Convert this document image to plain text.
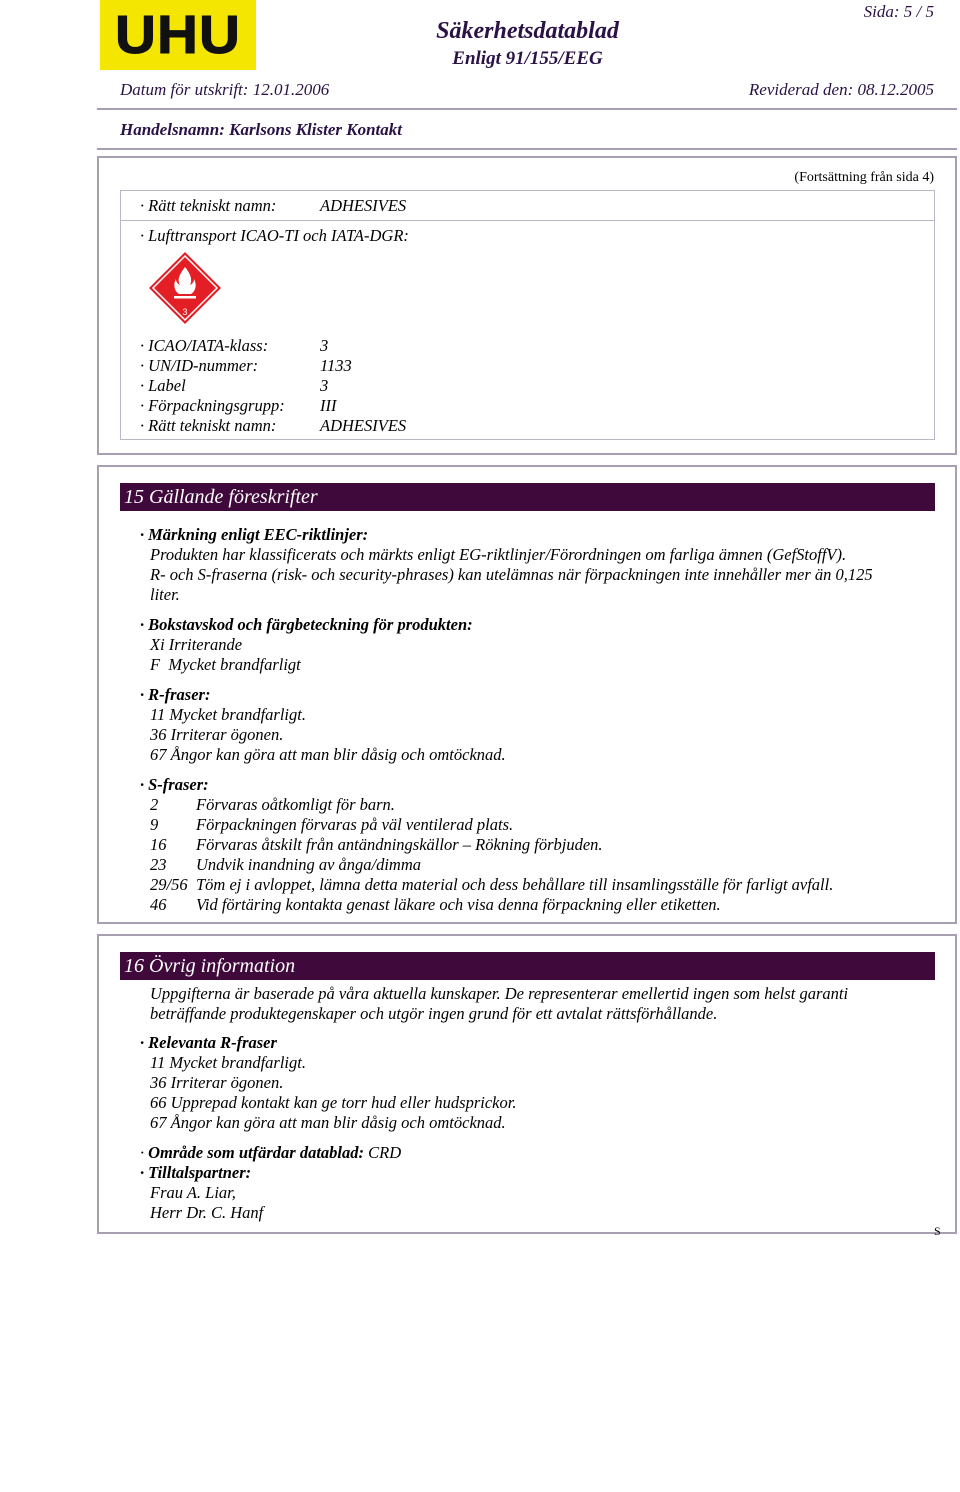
UHU	Säkerhetsdatablad
Enligt 91/155/EEG
Sida: 5 / 5
Datum för utskrift: 12.01.2006	Reviderad den: 08.12.2005
Handelsnamn: Karlsons Klister Kontakt
(Fortsättning från sida 4)
· Rätt tekniskt namn:	ADHESIVES
· Lufttransport ICAO-TI och IATA-DGR:
3
· ICAO/IATA-klass:	3
· UN/ID-nummer:	1133
· Label	3
· Förpackningsgrupp: III
· Rätt tekniskt namn:	ADHESIVES
15 Gällande föreskrifter
· Märkning enligt EEC-riktlinjer:
Produkten har klassificerats och märkts enligt EG-riktlinjer/Förordningen om farliga ämnen (GefStoffV).
R- och S-fraserna (risk- och security-phrases) kan utelämnas när förpackningen inte innehåller mer än 0,125
liter.
· Bokstavskod och färgbeteckning för produkten:
Xi Irriterande
F  Mycket brandfarligt
· R-fraser:
11 Mycket brandfarligt.
36 Irriterar ögonen.
67 Ångor kan göra att man blir dåsig och omtöcknad.
· S-fraser:
2 Förvaras oåtkomligt för barn.
9 Förpackningen förvaras på väl ventilerad plats.
16 Förvaras åtskilt från antändningskällor – Rökning förbjuden.
23 Undvik inandning av ånga/dimma
29/56 Töm ej i avloppet, lämna detta material och dess behållare till insamlingsställe för farligt avfall.
46 Vid förtäring kontakta genast läkare och visa denna förpackning eller etiketten.
16 Övrig information
Uppgifterna är baserade på våra aktuella kunskaper. De representerar emellertid ingen som helst garanti
beträffande produktegenskaper och utgör ingen grund för ett avtalat rättsförhållande.
· Relevanta R-fraser
11 Mycket brandfarligt.
36 Irriterar ögonen.
66 Upprepad kontakt kan ge torr hud eller hudsprickor.
67 Ångor kan göra att man blir dåsig och omtöcknad.
· Område som utfärdar datablad: CRD
· Tilltalspartner:
Frau A. Liar,
Herr Dr. C. Hanf
S
